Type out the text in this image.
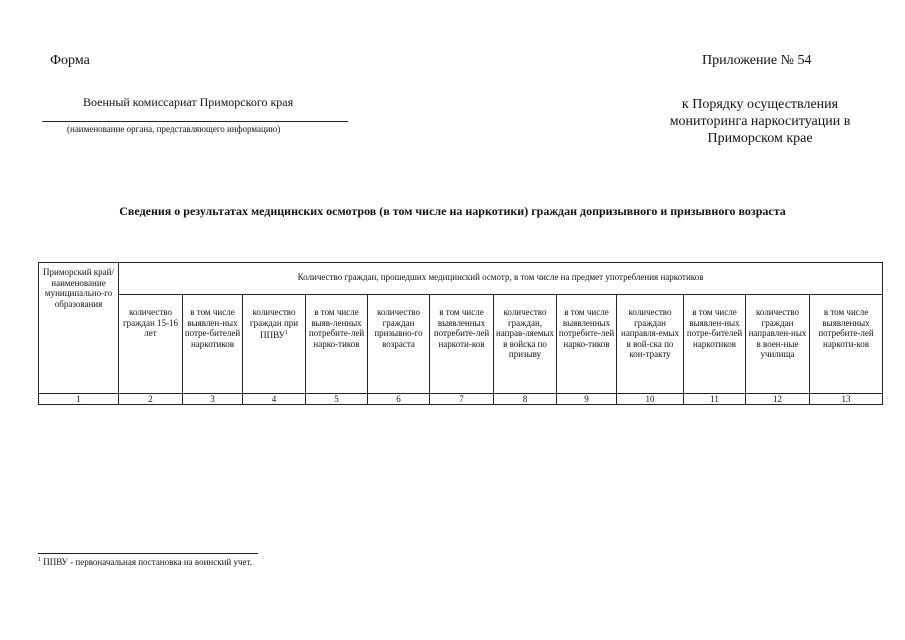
Форма	Приложение № 54
Военный комиссариат Приморского края
(наименование органа, представляющего информацию)
к Порядку осуществления мониторинга наркоситуации в Приморском крае
Сведения о результатах медицинских осмотров (в том числе на наркотики) граждан допризывного и призывного возраста
Приморский край/ наименование муниципально-го образования	Количество граждан, прошедших медицинский осмотр, в том числе на предмет употребления наркотиков											
	количество граждан 15-16 лет	в том числе выявлен-ных потре-бителей наркотиков	количество граждан при ППВУ$^1$	в том числе выяв-ленных потребите-лей нарко-тиков	количество граждан призывно-го возраста	в том числе выявленных потребите-лей наркоти-ков	количество граждан, направ-ляемых в войска по призыву	в том числе выявленных потребите-лей нарко-тиков	количество граждан направля-емых в вой-ска по кон-тракту	в том числе выявлен-ных потре-бителей наркотиков	количество граждан направлен-ных в воен-ные училища	в том числе выявленных потребите-лей наркоти-ков
1	2	3	4	5	6	7	8	9	10	11	12	13
$^1$ ППВУ - первоначальная постановка на воинский учет.
